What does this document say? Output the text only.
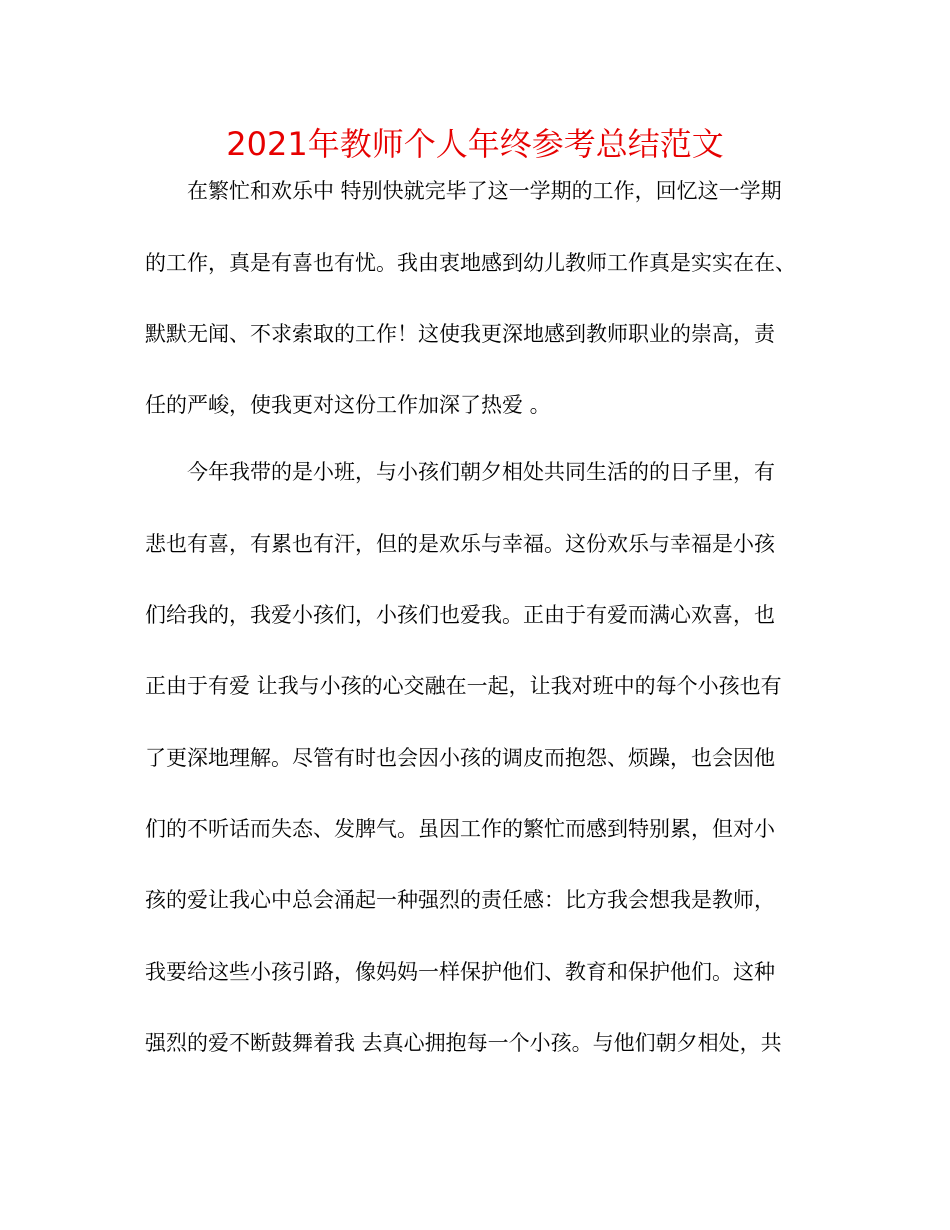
2021年教师个人年终参考总结范文
在繁忙和欢乐中 特别快就完毕了这一学期的工作，回忆这一学期
的工作，真是有喜也有忧。我由衷地感到幼儿教师工作真是实实在在、
默默无闻、不求索取的工作！这使我更深地感到教师职业的崇高，责
任的严峻，使我更对这份工作加深了热爱 。
今年我带的是小班，与小孩们朝夕相处共同生活的的日子里，有
悲也有喜，有累也有汗，但的是欢乐与幸福。这份欢乐与幸福是小孩
们给我的，我爱小孩们，小孩们也爱我。正由于有爱而满心欢喜，也
正由于有爱 让我与小孩的心交融在一起，让我对班中的每个小孩也有
了更深地理解。尽管有时也会因小孩的调皮而抱怨、烦躁，也会因他
们的不听话而失态、发脾气。虽因工作的繁忙而感到特别累，但对小
孩的爱让我心中总会涌起一种强烈的责任感：比方我会想我是教师，
我要给这些小孩引路，像妈妈一样保护他们、教育和保护他们。这种
强烈的爱不断鼓舞着我 去真心拥抱每一个小孩。与他们朝夕相处，共
